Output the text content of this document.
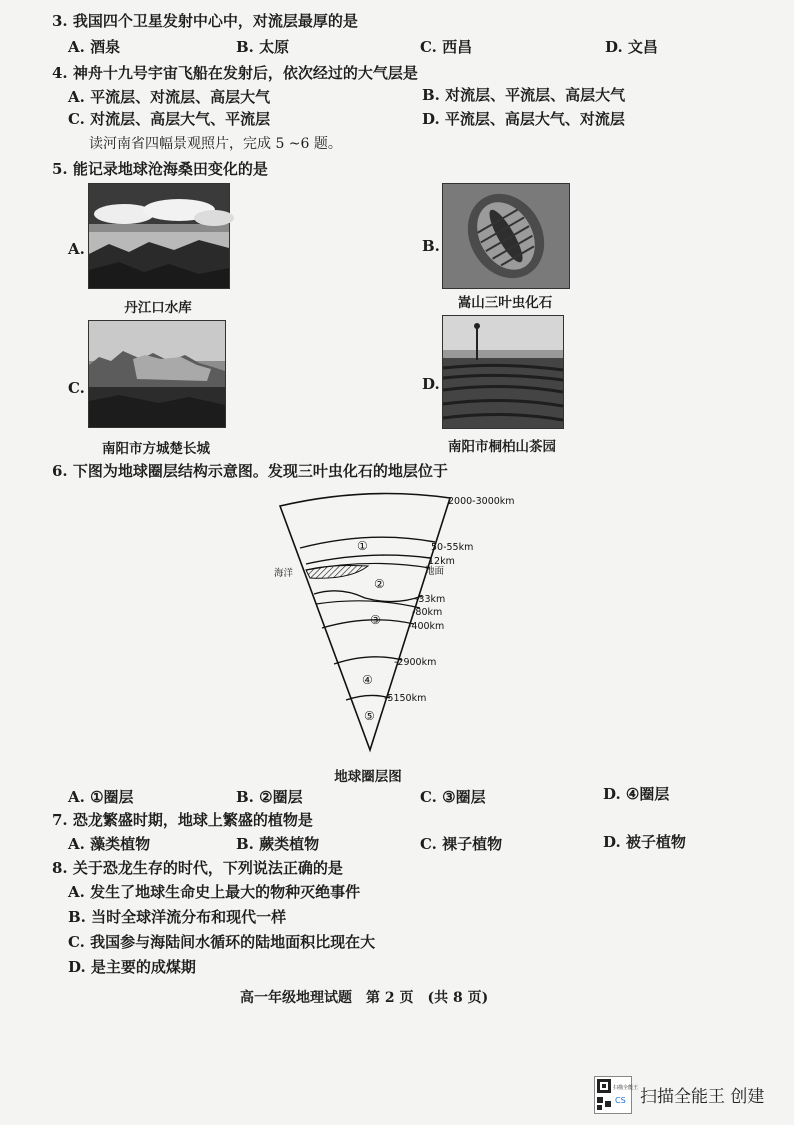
3. 我国四个卫星发射中心中，对流层最厚的是
A. 酒泉	B. 太原	C. 西昌	D. 文昌
4. 神舟十九号宇宙飞船在发射后，依次经过的大气层是
A. 平流层、对流层、高层大气	B. 对流层、平流层、高层大气
C. 对流层、高层大气、平流层	D. 平流层、高层大气、对流层
读河南省四幅景观照片，完成 5 ~6 题。
5. 能记录地球沧海桑田变化的是
A.
丹江口水库
B.
嵩山三叶虫化石
C.
南阳市方城楚长城
D.
南阳市桐柏山茶园
6. 下图为地球圈层结构示意图。发现三叶虫化石的地层位于
2000-3000km
50-55km
12km
地面
海洋
-33km
-80km
-400km
-2900km
-5150km
①
②
③
④
⑤
地球圈层图
A. ①圈层	B. ②圈层	C. ③圈层	D. ④圈层
7. 恐龙繁盛时期，地球上繁盛的植物是
A. 藻类植物	B. 蕨类植物	C. 裸子植物	D. 被子植物
8. 关于恐龙生存的时代，下列说法正确的是
A. 发生了地球生命史上最大的物种灭绝事件
B. 当时全球洋流分布和现代一样
C. 我国参与海陆间水循环的陆地面积比现在大
D. 是主要的成煤期
高一年级地理试题　第 2 页　(共 8 页)
扫描全能王
CS 扫描全能王 创建
